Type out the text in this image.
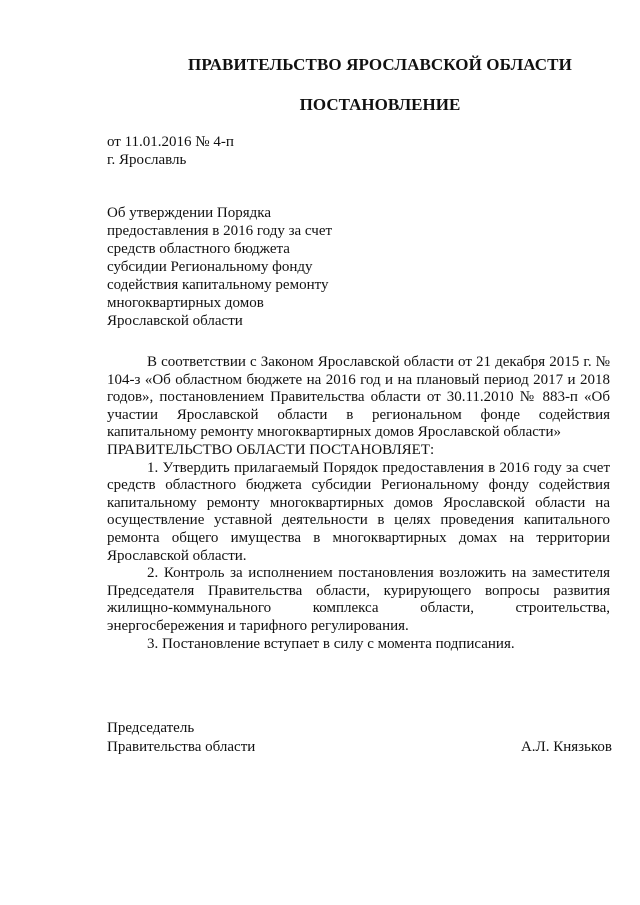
ПРАВИТЕЛЬСТВО ЯРОСЛАВСКОЙ ОБЛАСТИ
ПОСТАНОВЛЕНИЕ
от 11.01.2016 № 4-п
г. Ярославль
Об утверждении Порядка
предоставления в 2016 году за счет
средств областного бюджета
субсидии Региональному фонду
содействия капитальному ремонту
многоквартирных домов
Ярославской области

В соответствии с Законом Ярославской области от 21 декабря 2015 г. № 104-з «Об областном бюджете на 2016 год и на плановый период 2017 и 2018 годов», постановлением Правительства области от 30.11.2010 № 883-п «Об участии Ярославской области в региональном фонде содействия капитальному ремонту многоквартирных домов Ярославской области»

ПРАВИТЕЛЬСТВО ОБЛАСТИ ПОСТАНОВЛЯЕТ:

1. Утвердить прилагаемый Порядок предоставления в 2016 году за счет средств областного бюджета субсидии Региональному фонду содействия капитальному ремонту многоквартирных домов Ярославской области на осуществление уставной деятельности в целях проведения капитального ремонта общего имущества в многоквартирных домах на территории Ярославской области.

2. Контроль за исполнением постановления возложить на заместителя Председателя Правительства области, курирующего вопросы развития жилищно-коммунального комплекса области, строительства, энергосбережения и тарифного регулирования.

3. Постановление вступает в силу с момента подписания.

Председатель
Правительства области	А.Л. Князьков
